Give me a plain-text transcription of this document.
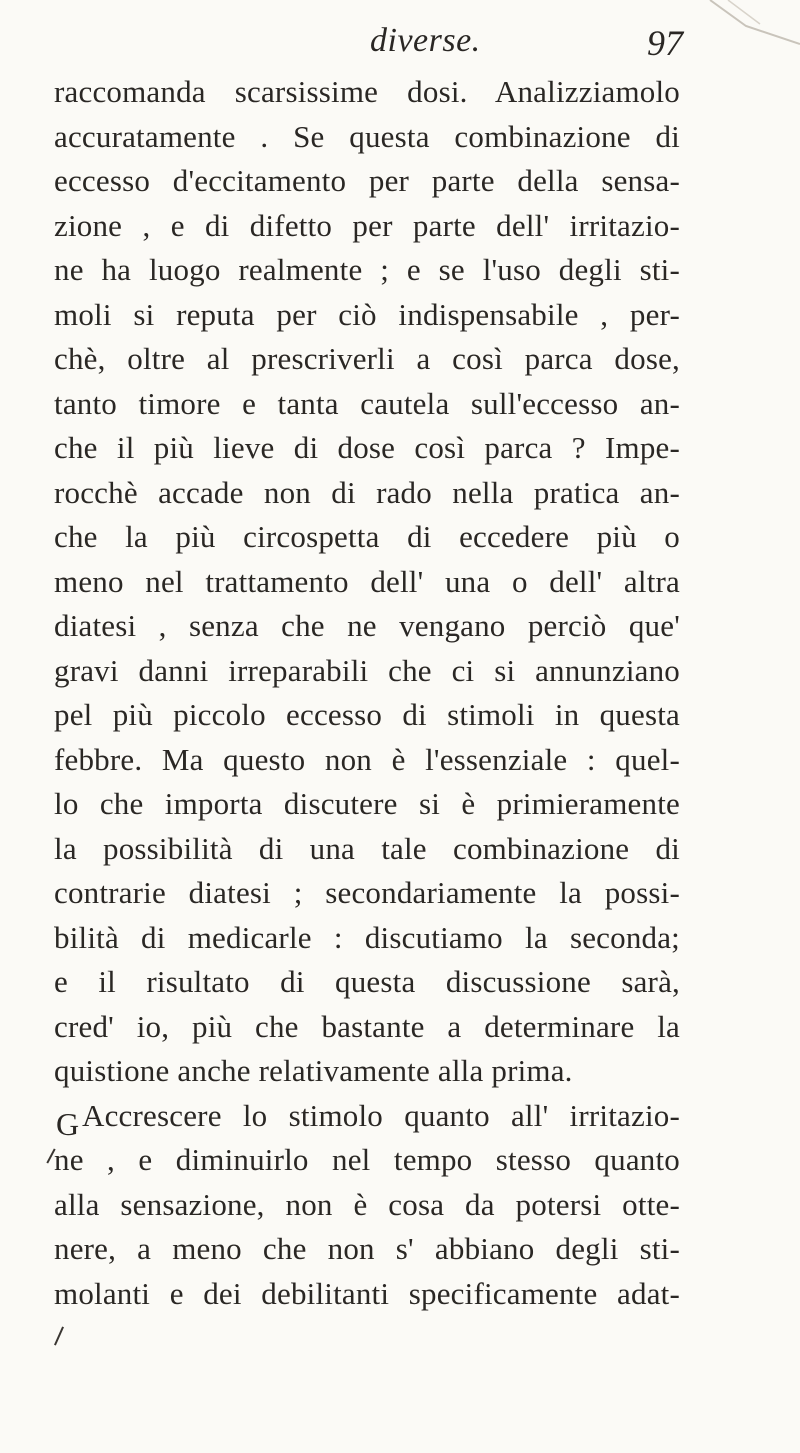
diverse.	97
raccomanda scarsissime dosi. Analizziamolo
accuratamente . Se questa combinazione di
eccesso d'eccitamento per parte della sensa-
zione , e di difetto per parte dell' irritazio-
ne ha luogo realmente ; e se l'uso degli sti-
moli si reputa per ciò indispensabile , per-
chè, oltre al prescriverli a così parca dose,
tanto timore e tanta cautela sull'eccesso an-
che il più lieve di dose così parca ? Impe-
rocchè accade non di rado nella pratica an-
che la più circospetta di eccedere più o
meno nel trattamento dell' una o dell' altra
diatesi , senza che ne vengano perciò que'
gravi danni irreparabili che ci si annunziano
pel più piccolo eccesso di stimoli in questa
febbre. Ma questo non è l'essenziale : quel-
lo che importa discutere si è primieramente
la possibilità di una tale combinazione di
contrarie diatesi ; secondariamente la possi-
bilità di medicarle : discutiamo la seconda;
e il risultato di questa discussione sarà,
cred' io, più che bastante a determinare la
quistione anche relativamente alla prima.
Accrescere lo stimolo quanto all' irritazio-
ne , e diminuirlo nel tempo stesso quanto
alla sensazione, non è cosa da potersi otte-
nere, a meno che non s' abbiano degli sti-
molanti e dei debilitanti specificamente adat-
G
